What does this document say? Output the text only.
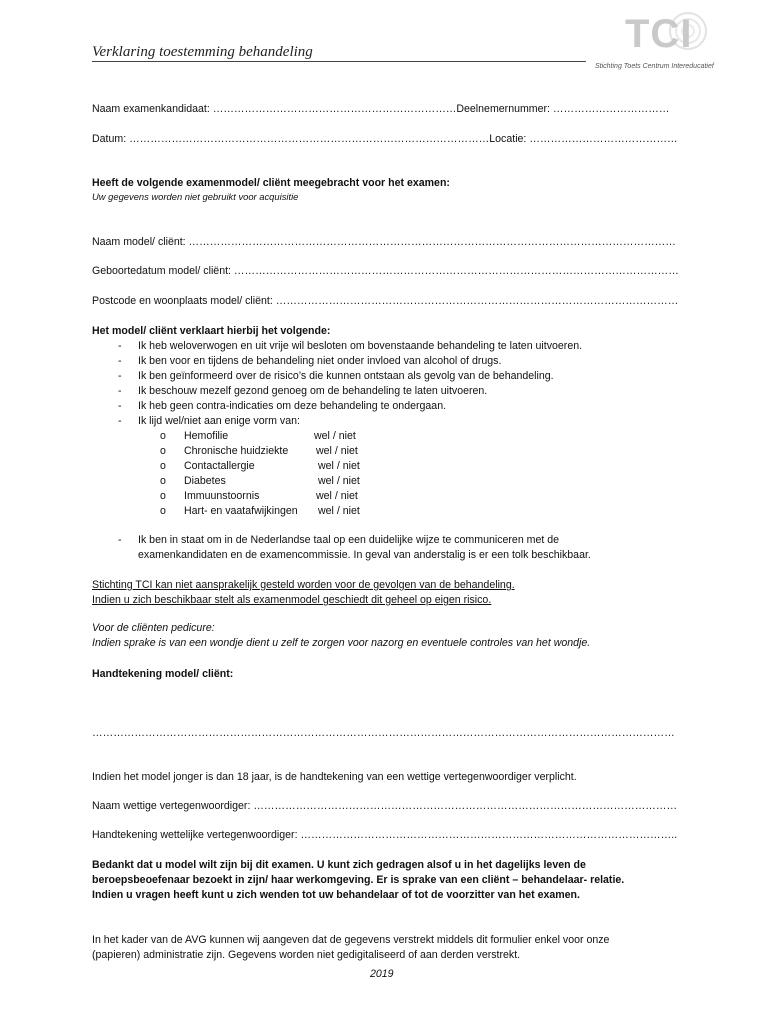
Verklaring toestemming behandeling	TCI
Stichting Toets Centrum Intereducatief
Naam examenkandidaat: ……………………………………………………………Deelnemernummer: ……………………………
Datum: …………………………………………………………………………………………Locatie: ……………………………………
Heeft de volgende examenmodel/ cliënt meegebracht voor het examen:
Uw gegevens worden niet gebruikt voor acquisitie
Naam model/ cliënt: …………………………………………………………………………………………………………………………
Geboortedatum model/ cliënt: ………………………………………………………………………………………………………………
Postcode en woonplaats model/ cliënt: ……………………………………………………………………………………………………
Het model/ cliënt verklaart hierbij het volgende:
- Ik heb weloverwogen en uit vrije wil besloten om bovenstaande behandeling te laten uitvoeren.
- Ik ben voor en tijdens de behandeling niet onder invloed van alcohol of drugs.
- Ik ben geïnformeerd over de risico’s die kunnen ontstaan als gevolg van de behandeling.
- Ik beschouw mezelf gezond genoeg om de behandeling te laten uitvoeren.
- Ik heb geen contra-indicaties om deze behandeling te ondergaan.
- Ik lijd wel/niet aan enige vorm van:
o Hemofilie	wel / niet
o Chronische huidziekte	wel / niet
o Contactallergie	wel / niet
o Diabetes	wel / niet
o Immuunstoornis	wel / niet
o Hart- en vaatafwijkingen wel / niet
- Ik ben in staat om in de Nederlandse taal op een duidelijke wijze te communiceren met de
examenkandidaten en de examencommissie. In geval van anderstalig is er een tolk beschikbaar.
Stichting TCI kan niet aansprakelijk gesteld worden voor de gevolgen van de behandeling.
Indien u zich beschikbaar stelt als examenmodel geschiedt dit geheel op eigen risico.
Voor de cliënten pedicure:
Indien sprake is van een wondje dient u zelf te zorgen voor nazorg en eventuele controles van het wondje.
Handtekening model/ cliënt:
…………………………………………………………………………………………………………………………………………………
Indien het model jonger is dan 18 jaar, is de handtekening van een wettige vertegenwoordiger verplicht.
Naam wettige vertegenwoordiger: …………………………………………………………………………………………………………
Handtekening wettelijke vertegenwoordiger: ……………………………………………………………………………………………..
Bedankt dat u model wilt zijn bij dit examen. U kunt zich gedragen alsof u in het dagelijks leven de
beroepsbeoefenaar bezoekt in zijn/ haar werkomgeving. Er is sprake van een cliënt – behandelaar- relatie.
Indien u vragen heeft kunt u zich wenden tot uw behandelaar of tot de voorzitter van het examen.
In het kader van de AVG kunnen wij aangeven dat de gegevens verstrekt middels dit formulier enkel voor onze
(papieren) administratie zijn. Gegevens worden niet gedigitaliseerd of aan derden verstrekt.
2019
